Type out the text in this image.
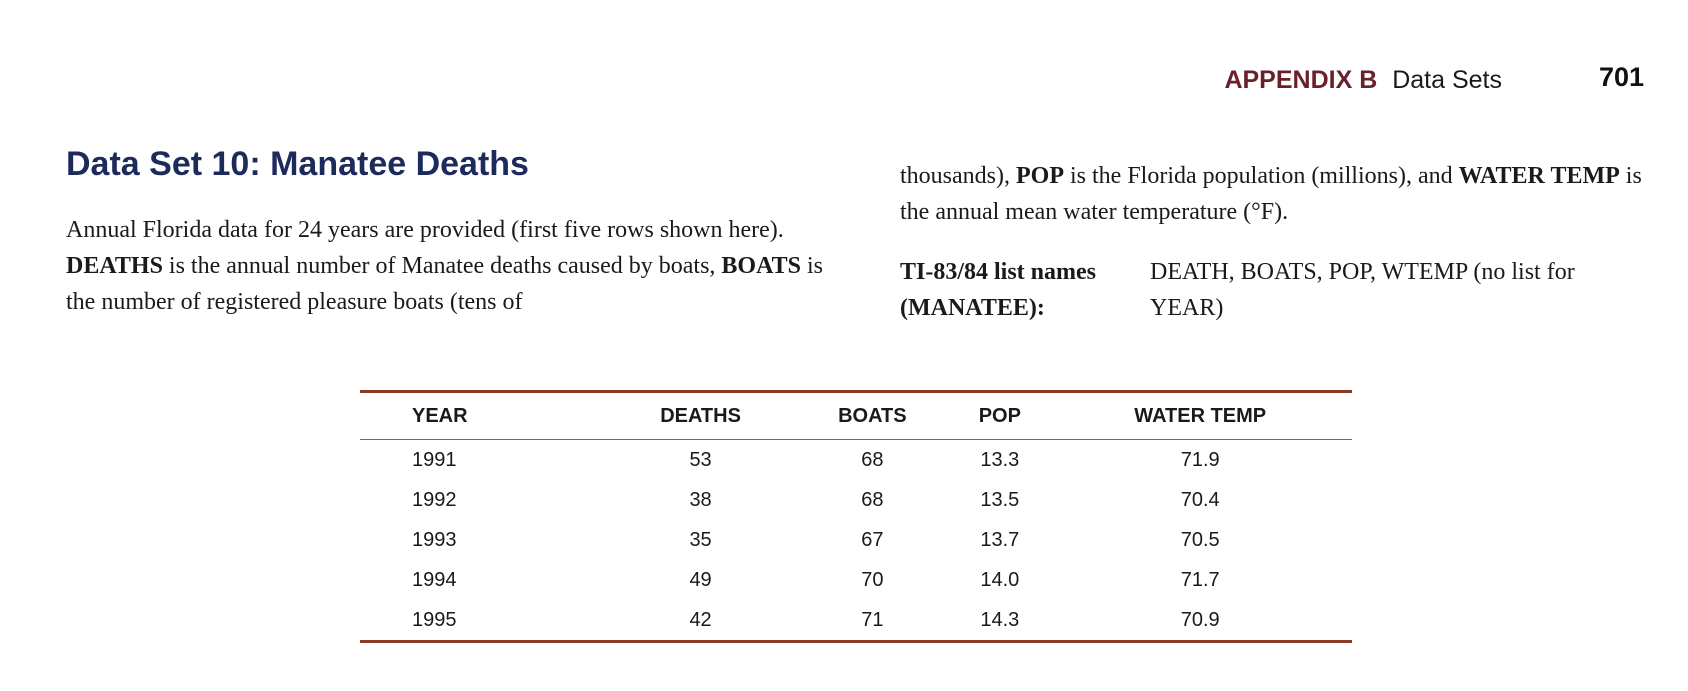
APPENDIX B Data Sets	701
Data Set 10: Manatee Deaths

Annual Florida data for 24 years are provided (first five rows shown here). DEATHS is the annual number of Manatee deaths caused by boats, BOATS is the number of registered pleasure boats (tens of

thousands), POP is the Florida population (millions), and WATER TEMP is the annual mean water temperature (°F).

TI-83/84 list names (MANATEE):
DEATH, BOATS, POP, WTEMP (no list for YEAR)
YEAR	DEATHS	BOATS	POP	WATER TEMP
1991	53	68	13.3	71.9
1992	38	68	13.5	70.4
1993	35	67	13.7	70.5
1994	49	70	14.0	71.7
1995	42	71	14.3	70.9
